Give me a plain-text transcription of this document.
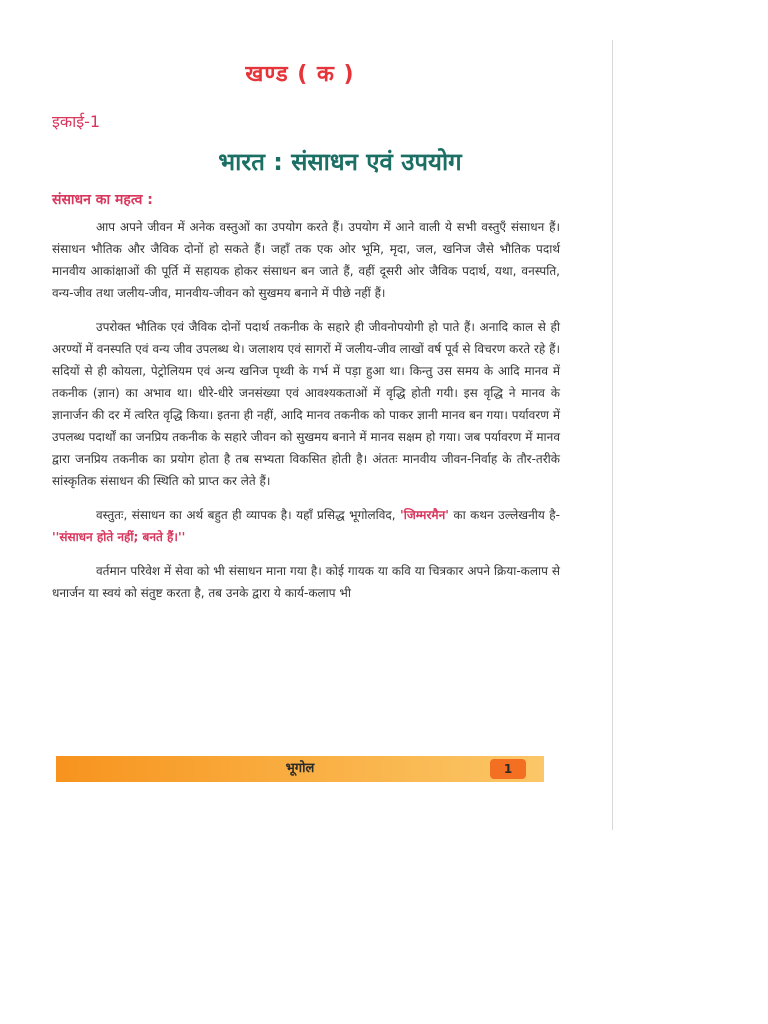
खण्ड ( क )
इकाई-1
भारत : संसाधन एवं उपयोग
संसाधन का महत्व :

आप अपने जीवन में अनेक वस्तुओं का उपयोग करते हैं। उपयोग में आने वाली ये सभी वस्तुएँ संसाधन हैं। संसाधन भौतिक और जैविक दोनों हो सकते हैं। जहाँ तक एक ओर भूमि, मृदा, जल, खनिज जैसे भौतिक पदार्थ मानवीय आकांक्षाओं की पूर्ति में सहायक होकर संसाधन बन जाते हैं, वहीं दूसरी ओर जैविक पदार्थ, यथा, वनस्पति, वन्य-जीव तथा जलीय-जीव, मानवीय-जीवन को सुखमय बनाने में पीछे नहीं हैं।

उपरोक्त भौतिक एवं जैविक दोनों पदार्थ तकनीक के सहारे ही जीवनोपयोगी हो पाते हैं। अनादि काल से ही अरण्यों में वनस्पति एवं वन्य जीव उपलब्ध थे। जलाशय एवं सागरों में जलीय-जीव लाखों वर्ष पूर्व से विचरण करते रहे हैं। सदियों से ही कोयला, पेट्रोलियम एवं अन्य खनिज पृथ्वी के गर्भ में पड़ा हुआ था। किन्तु उस समय के आदि मानव में तकनीक (ज्ञान) का अभाव था। धीरे-धीरे जनसंख्या एवं आवश्यकताओं में वृद्धि होती गयी। इस वृद्धि ने मानव के ज्ञानार्जन की दर में त्वरित वृद्धि किया। इतना ही नहीं, आदि मानव तकनीक को पाकर ज्ञानी मानव बन गया। पर्यावरण में उपलब्ध पदार्थों का जनप्रिय तकनीक के सहारे जीवन को सुखमय बनाने में मानव सक्षम हो गया। जब पर्यावरण में मानव द्वारा जनप्रिय तकनीक का प्रयोग होता है तब सभ्यता विकसित होती है। अंततः मानवीय जीवन-निर्वाह के तौर-तरीके सांस्कृतिक संसाधन की स्थिति को प्राप्त कर लेते हैं।

वस्तुतः, संसाधन का अर्थ बहुत ही व्यापक है। यहाँ प्रसिद्ध भूगोलविद, 'जिम्मरमैन' का कथन उल्लेखनीय है-''संसाधन होते नहीं; बनते हैं।''

वर्तमान परिवेश में सेवा को भी संसाधन माना गया है। कोई गायक या कवि या चित्रकार अपने क्रिया-कलाप से धनार्जन या स्वयं को संतुष्ट करता है, तब उनके द्वारा ये कार्य-कलाप भी

भूगोल	1
